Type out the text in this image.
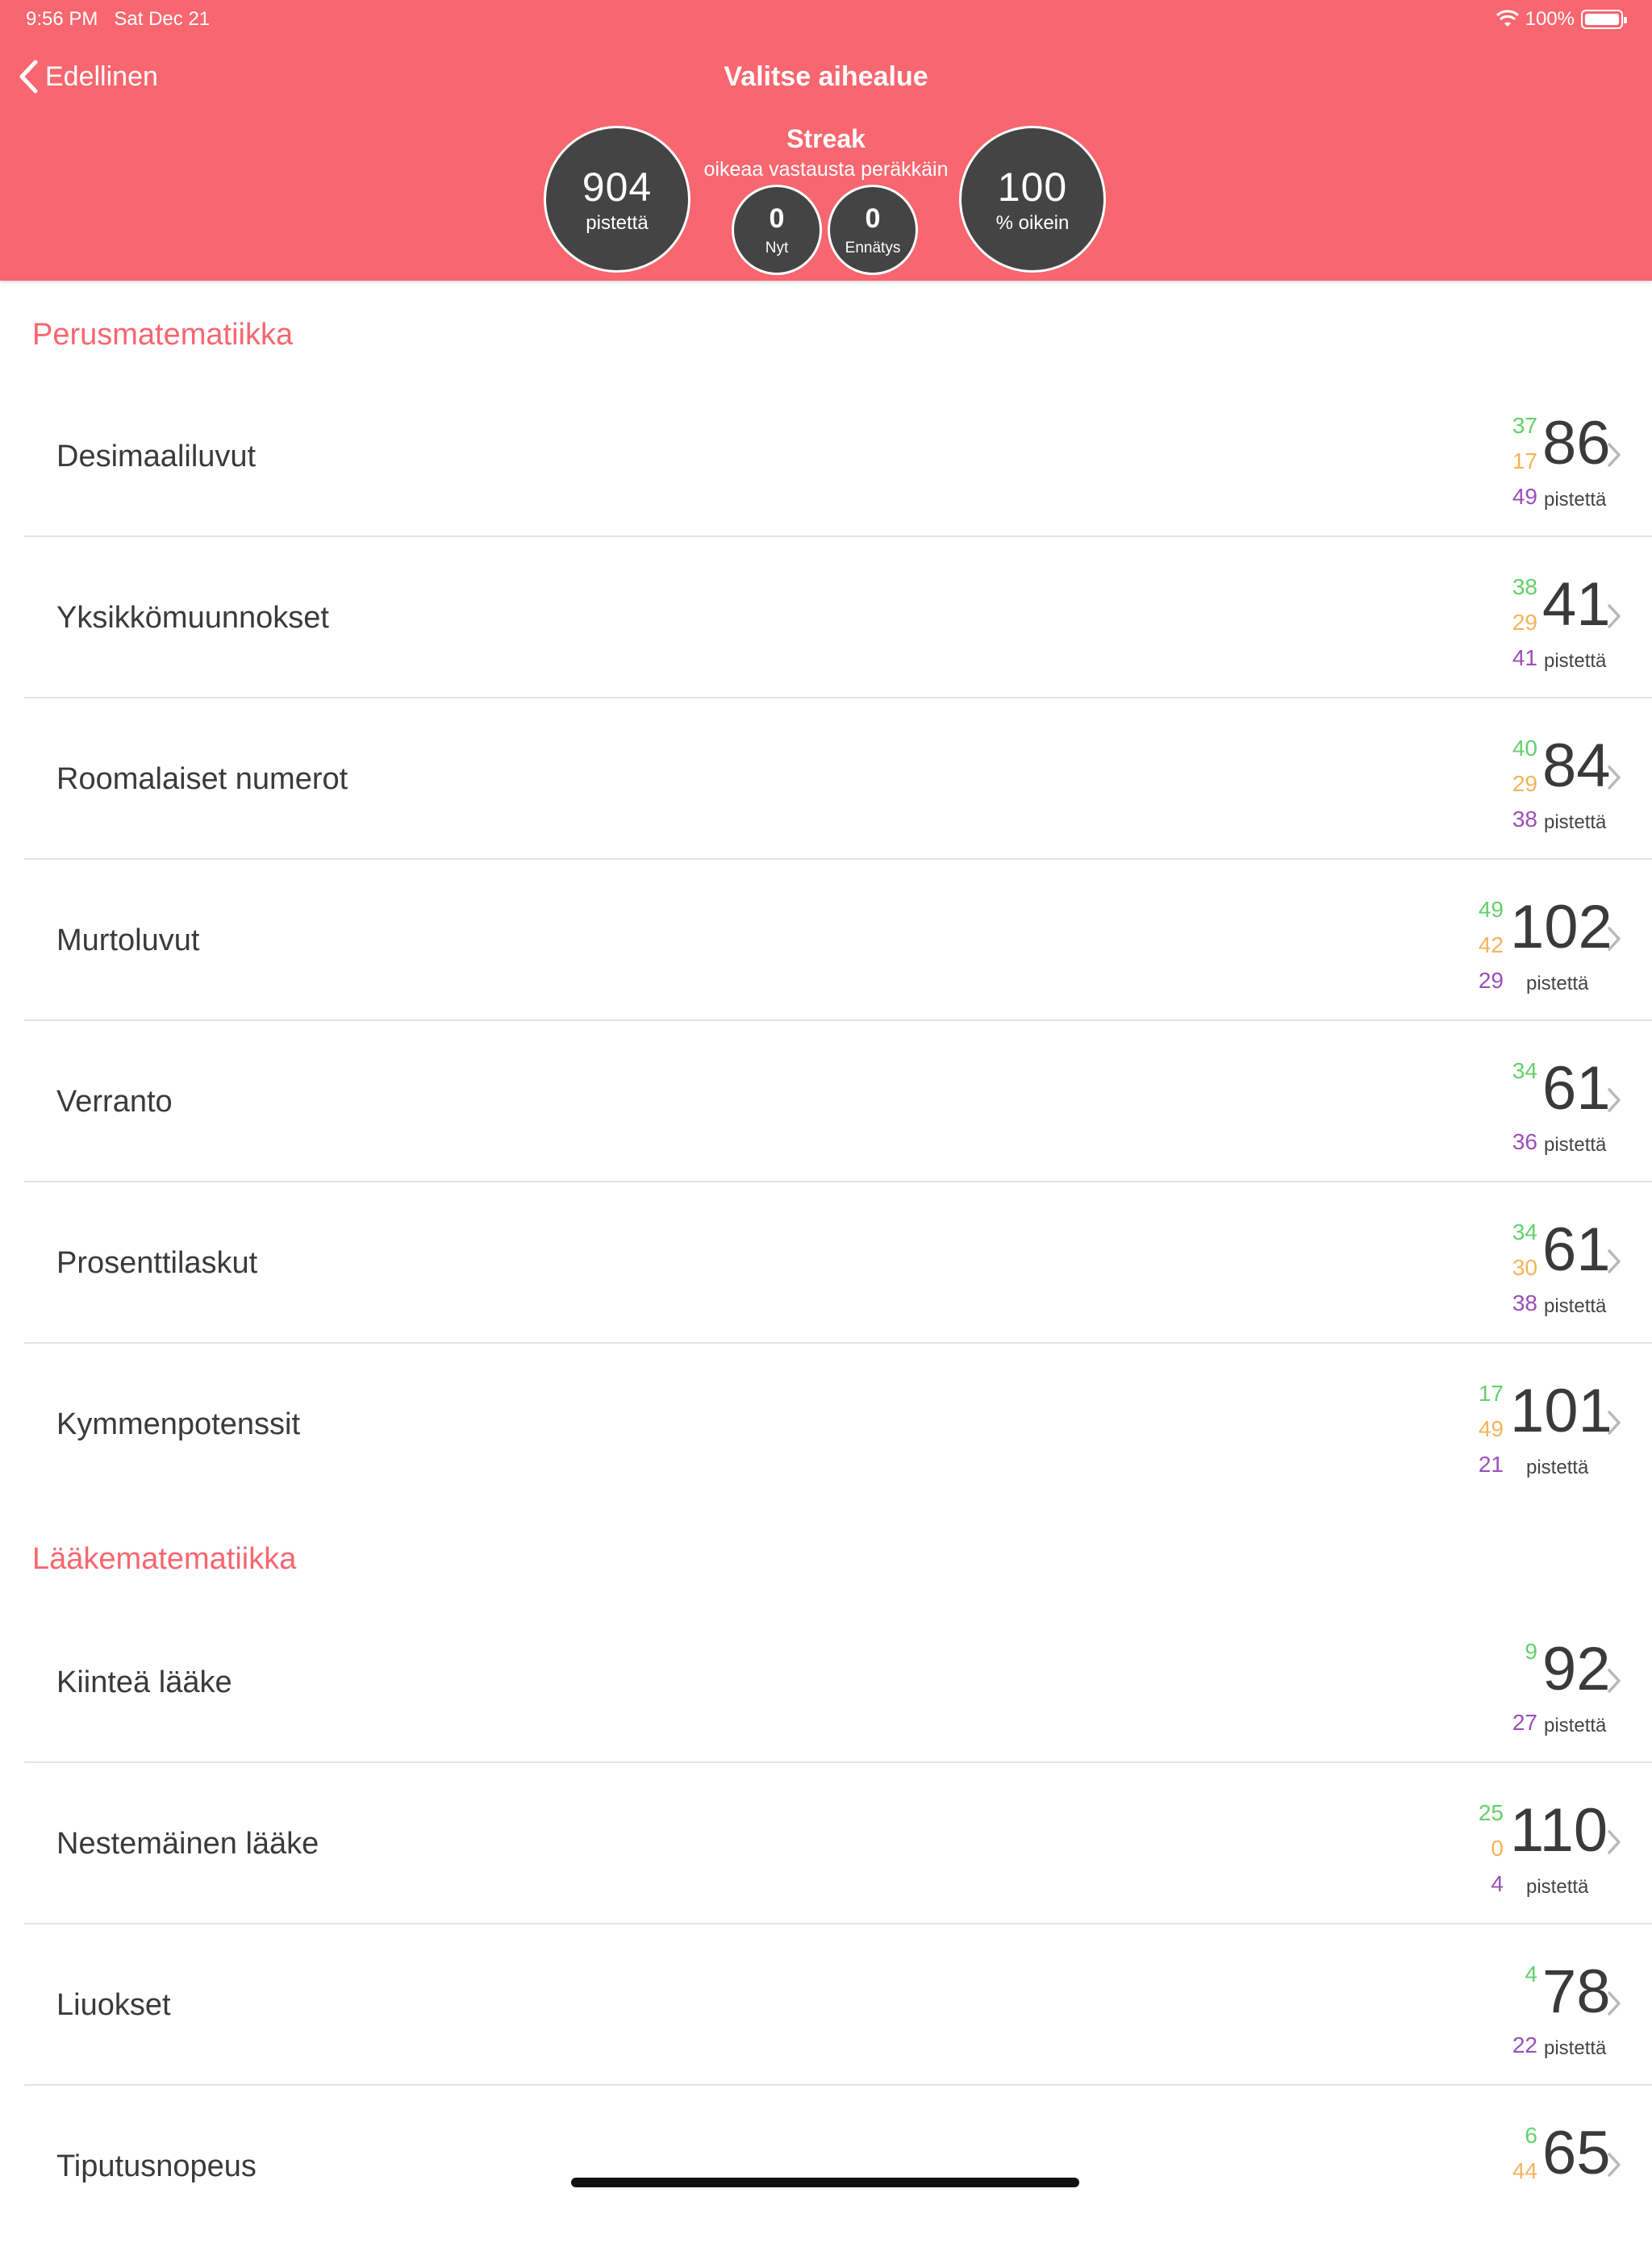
9:56 PM Sat Dec 21	100%
Edellinen	Valitse aihealue
904
pistettä
Streak
oikeaa vastausta peräkkäin
0
Nyt
0
Ennätys
100
% oikein
Perusmatematiikka
Desimaaliluvut
37
17
49
86
pistettä
Yksikkömuunnokset
38
29
41
41
pistettä
Roomalaiset numerot
40
29
38
84
pistettä
Murtoluvut
49
42
29
102
pistettä
Verranto
34
36
61
pistettä
Prosenttilaskut
34
30
38
61
pistettä
Kymmenpotenssit
17
49
21
101
pistettä
Lääkematematiikka
Kiinteä lääke
9
27
92
pistettä
Nestemäinen lääke
25
0
4
110
pistettä
Liuokset
4
22
78
pistettä
Tiputusnopeus
6
44 65
